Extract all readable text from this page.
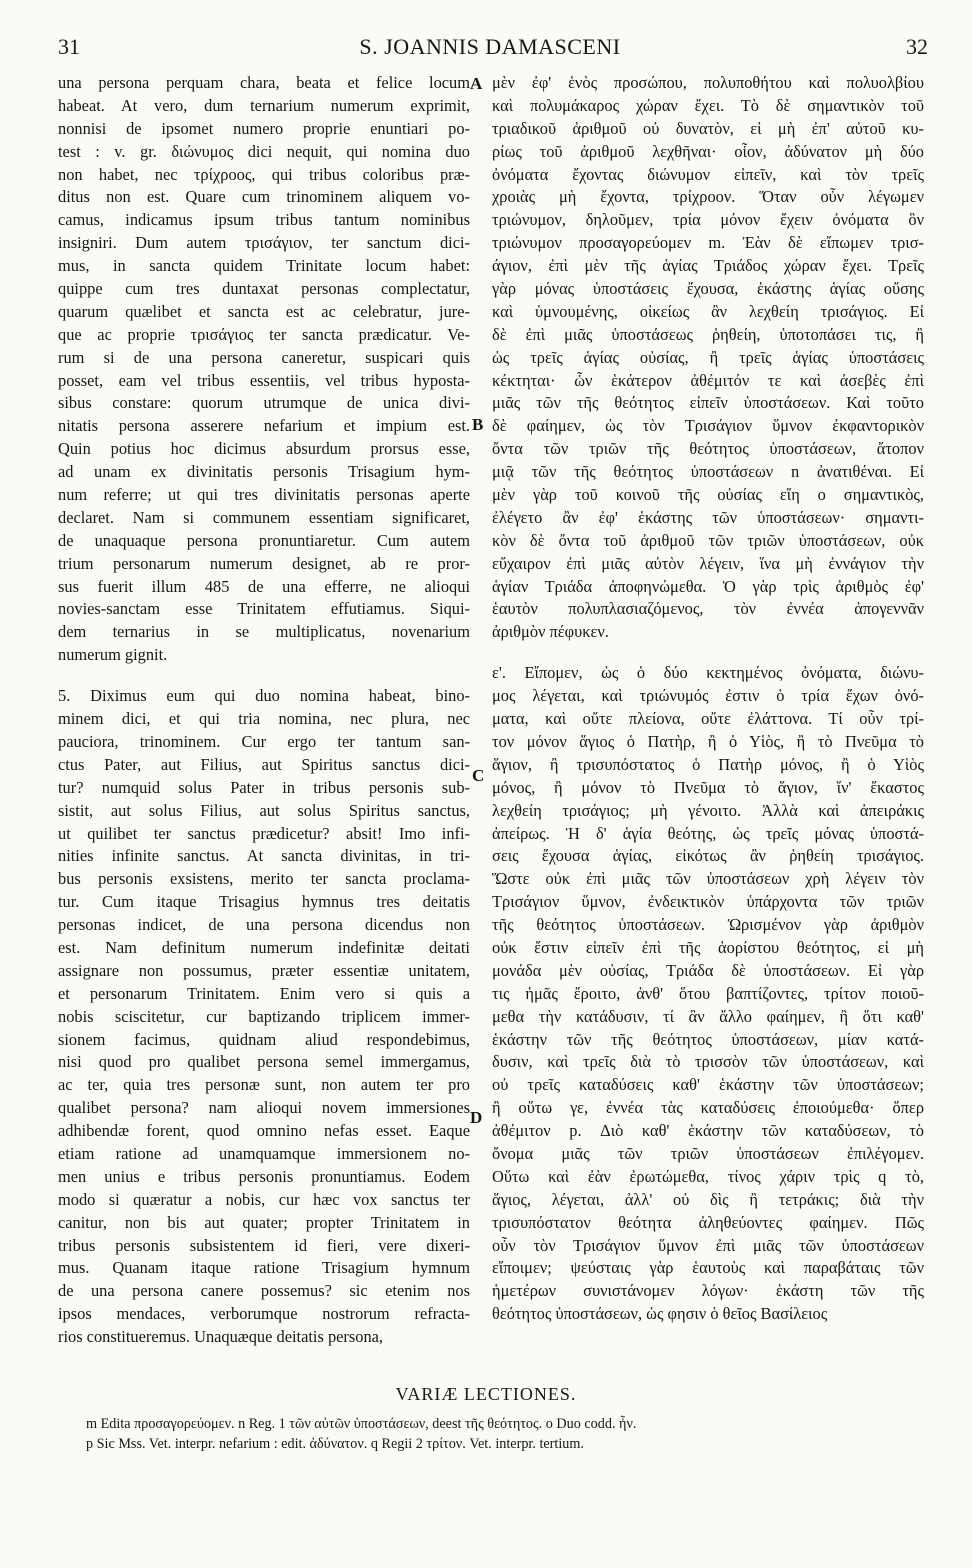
31	S. JOANNIS DAMASCENI	32
una persona perquam chara, beata et felice locum
habeat. At vero, dum ternarium numerum exprimit,
nonnisi de ipsomet numero proprie enuntiari po-
test : v. gr. διώνυμος dici nequit, qui nomina duo
non habet, nec τρίχροος, qui tribus coloribus præ-
ditus non est. Quare cum trinominem aliquem vo-
camus, indicamus ipsum tribus tantum nominibus
insigniri. Dum autem τρισάγιον, ter sanctum dici-
mus, in sancta quidem Trinitate locum habet:
quippe cum tres duntaxat personas complectatur,
quarum quælibet et sancta est ac celebratur, jure-
que ac proprie τρισάγιος ter sancta prædicatur. Ve-
rum si de una persona caneretur, suspicari quis
posset, eam vel tribus essentiis, vel tribus hyposta-
sibus constare: quorum utrumque de unica divi-
nitatis persona asserere nefarium et impium est.
Quin potius hoc dicimus absurdum prorsus esse,
ad unam ex divinitatis personis Trisagium hym-
num referre; ut qui tres divinitatis personas aperte
declaret. Nam si communem essentiam significaret,
de unaquaque persona pronuntiaretur. Cum autem
trium personarum numerum designet, ab re pror-
sus fuerit illum 485 de una efferre, ne alioqui
novies-sanctam esse Trinitatem effutiamus. Siqui-
dem ternarius in se multiplicatus, novenarium
numerum gignit.
5. Diximus eum qui duo nomina habeat, bino-
minem dici, et qui tria nomina, nec plura, nec
pauciora, trinominem. Cur ergo ter tantum san-
ctus Pater, aut Filius, aut Spiritus sanctus dici-
tur? numquid solus Pater in tribus personis sub-
sistit, aut solus Filius, aut solus Spiritus sanctus,
ut quilibet ter sanctus prædicetur? absit! Imo infi-
nities infinite sanctus. At sancta divinitas, in tri-
bus personis exsistens, merito ter sancta proclama-
tur. Cum itaque Trisagius hymnus tres deitatis
personas indicet, de una persona dicendus non
est. Nam definitum numerum indefinitæ deitati
assignare non possumus, præter essentiæ unitatem,
et personarum Trinitatem. Enim vero si quis a
nobis sciscitetur, cur baptizando triplicem immer-
sionem facimus, quidnam aliud respondebimus,
nisi quod pro qualibet persona semel immergamus,
ac ter, quia tres personæ sunt, non autem ter pro
qualibet persona? nam alioqui novem immersiones
adhibendæ forent, quod omnino nefas esset. Eaque
etiam ratione ad unamquamque immersionem no-
men unius e tribus personis pronuntiamus. Eodem
modo si quæratur a nobis, cur hæc vox sanctus ter
canitur, non bis aut quater; propter Trinitatem in
tribus personis subsistentem id fieri, vere dixeri-
mus. Quanam itaque ratione Trisagium hymnum
de una persona canere possemus? sic etenim nos
ipsos mendaces, verborumque nostrorum refracta-
rios constitueremus. Unaquæque deitatis persona,
μὲν ἐφ' ἑνὸς προσώπου, πολυποθήτου καὶ πολυολβίου
καὶ πολυμάκαρος χώραν ἔχει. Τὸ δὲ σημαντικὸν τοῦ
τριαδικοῦ ἀριθμοῦ οὐ δυνατὸν, εἰ μὴ ἐπ' αὐτοῦ κυ-
ρίως τοῦ ἀριθμοῦ λεχθῆναι· οἷον, ἀδύνατον μὴ δύο
ὀνόματα ἔχοντας διώνυμον εἰπεῖν, καὶ τὸν τρεῖς
χροιὰς μὴ ἔχοντα, τρίχροον. Ὅταν οὖν λέγωμεν
τριώνυμον, δηλοῦμεν, τρία μόνον ἔχειν ὀνόματα ὃν
τριώνυμον προσαγορεύομεν m. Ἐὰν δὲ εἴπωμεν τρισ-
άγιον, ἐπὶ μὲν τῆς ἁγίας Τριάδος χώραν ἔχει. Τρεῖς
γὰρ μόνας ὑποστάσεις ἔχουσα, ἑκάστης ἁγίας οὔσης
καὶ ὑμνουμένης, οἰκείως ἂν λεχθείη τρισάγιος. Εἰ
δὲ ἐπὶ μιᾶς ὑποστάσεως ῥηθείη, ὑποτοπάσει τις, ἢ
ὡς τρεῖς ἁγίας οὐσίας, ἢ τρεῖς ἁγίας ὑποστάσεις
κέκτηται· ὧν ἑκάτερον ἀθέμιτόν τε καὶ ἀσεβὲς ἐπὶ
μιᾶς τῶν τῆς θεότητος εἰπεῖν ὑποστάσεων. Καὶ τοῦτο
δὲ φαίημεν, ὡς τὸν Τρισάγιον ὕμνον ἐκφαντορικὸν
ὄντα τῶν τριῶν τῆς θεότητος ὑποστάσεων, ἄτοπον
μιᾷ τῶν τῆς θεότητος ὑποστάσεων n ἀνατιθέναι. Εἰ
μὲν γὰρ τοῦ κοινοῦ τῆς οὐσίας εἴη o σημαντικὸς,
ἐλέγετο ἂν ἐφ' ἑκάστης τῶν ὑποστάσεων· σημαντι-
κὸν δὲ ὄντα τοῦ ἀριθμοῦ τῶν τριῶν ὑποστάσεων, οὐκ
εὔχαιρον ἐπὶ μιᾶς αὐτὸν λέγειν, ἵνα μὴ ἐννάγιον τὴν
ἁγίαν Τριάδα ἀποφηνώμεθα. Ὁ γὰρ τρὶς ἀριθμὸς ἐφ'
ἑαυτὸν πολυπλασιαζόμενος, τὸν ἐννέα ἀπογεννᾶν
ἀριθμὸν πέφυκεν.
ε'. Εἴπομεν, ὡς ὁ δύο κεκτημένος ὀνόματα, διώνυ-
μος λέγεται, καὶ τριώνυμός ἐστιν ὁ τρία ἔχων ὀνό-
ματα, καὶ οὔτε πλείονα, οὔτε ἐλάττονα. Τί οὖν τρί-
τον μόνον ἅγιος ὁ Πατὴρ, ἢ ὁ Υἱὸς, ἢ τὸ Πνεῦμα τὸ
ἅγιον, ἢ τρισυπόστατος ὁ Πατὴρ μόνος, ἢ ὁ Υἱὸς
μόνος, ἢ μόνον τὸ Πνεῦμα τὸ ἅγιον, ἵν' ἕκαστος
λεχθείη τρισάγιος; μὴ γένοιτο. Ἀλλὰ καὶ ἀπειράκις
ἀπείρως. Ἡ δ' ἁγία θεότης, ὡς τρεῖς μόνας ὑποστά-
σεις ἔχουσα ἁγίας, εἰκότως ἂν ῥηθείη τρισάγιος.
Ὥστε οὐκ ἐπὶ μιᾶς τῶν ὑποστάσεων χρὴ λέγειν τὸν
Τρισάγιον ὕμνον, ἐνδεικτικὸν ὑπάρχοντα τῶν τριῶν
τῆς θεότητος ὑποστάσεων. Ὡρισμένον γὰρ ἀριθμὸν
οὐκ ἔστιν εἰπεῖν ἐπὶ τῆς ἀορίστου θεότητος, εἰ μὴ
μονάδα μὲν οὐσίας, Τριάδα δὲ ὑποστάσεων. Εἰ γὰρ
τις ἡμᾶς ἔροιτο, ἀνθ' ὅτου βαπτίζοντες, τρίτον ποιοῦ-
μεθα τὴν κατάδυσιν, τί ἂν ἄλλο φαίημεν, ἢ ὅτι καθ'
ἑκάστην τῶν τῆς θεότητος ὑποστάσεων, μίαν κατά-
δυσιν, καὶ τρεῖς διὰ τὸ τρισσὸν τῶν ὑποστάσεων, καὶ
οὐ τρεῖς καταδύσεις καθ' ἑκάστην τῶν ὑποστάσεων;
ἢ οὕτω γε, ἐννέα τὰς καταδύσεις ἐποιούμεθα· ὅπερ
ἀθέμιτον p. Διὸ καθ' ἑκάστην τῶν καταδύσεων, τὸ
ὄνομα μιᾶς τῶν τριῶν ὑποστάσεων ἐπιλέγομεν.
Οὕτω καὶ ἐὰν ἐρωτώμεθα, τίνος χάριν τρὶς q τὸ,
ἅγιος, λέγεται, ἀλλ' οὐ δὶς ἢ τετράκις; διὰ τὴν
τρισυπόστατον θεότητα ἀληθεύοντες φαίημεν. Πῶς
οὖν τὸν Τρισάγιον ὕμνον ἐπὶ μιᾶς τῶν ὑποστάσεων
εἴποιμεν; ψεύσταις γὰρ ἑαυτοὺς καὶ παραβάταις τῶν
ἡμετέρων συνιστάνομεν λόγων· ἑκάστη τῶν τῆς
θεότητος ὑποστάσεων, ὡς φησιν ὁ θεῖος Βασίλειος
A
B
C
D
VARIÆ LECTIONES.
m Edita προσαγορεύομεν. n Reg. 1 τῶν αὐτῶν ὑποστάσεων, deest τῆς θεότητος. o Duo codd. ἦν.
p Sic Mss. Vet. interpr. nefarium : edit. ἀδύνατον. q Regii 2 τρίτον. Vet. interpr. tertium.
